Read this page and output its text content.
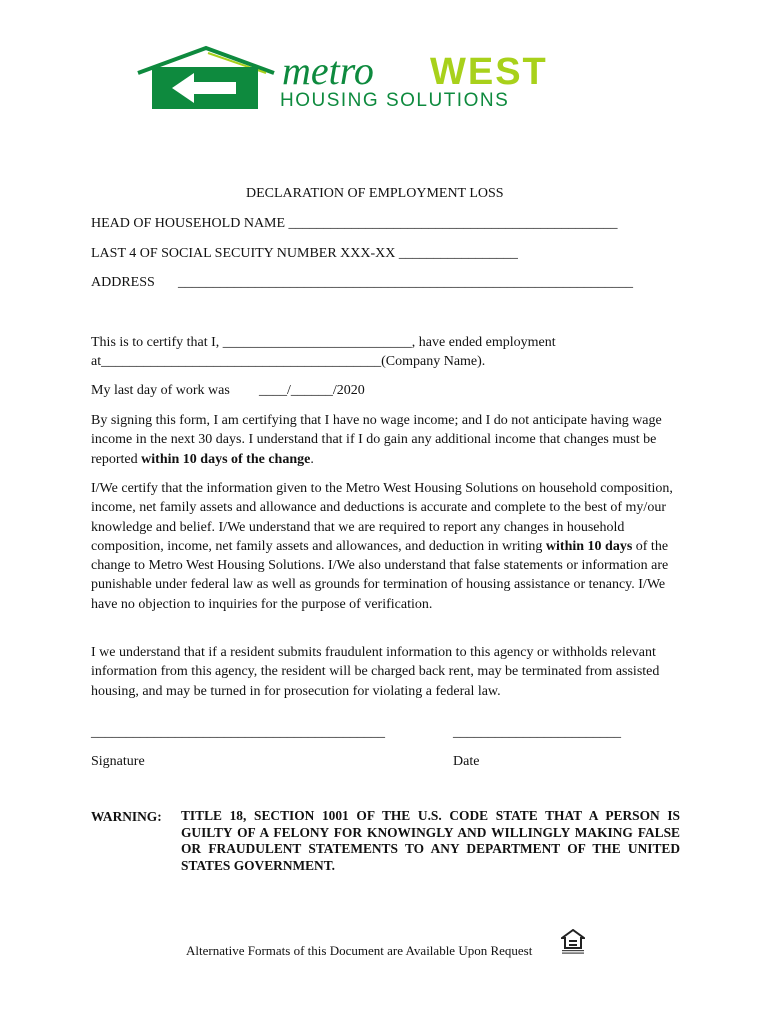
metro WEST
HOUSING SOLUTIONS
DECLARATION OF EMPLOYMENT LOSS
HEAD OF HOUSEHOLD NAME _______________________________________________
LAST 4 OF SOCIAL SECUITY NUMBER XXX-XX _________________
ADDRESS _________________________________________________________________
This is to certify that I, ___________________________, have ended employment
at________________________________________(Company Name).
My last day of work was ____/______/2020
By signing this form, I am certifying that I have no wage income; and I do not anticipate having wage income in the next 30 days. I understand that if I do gain any additional income that changes must be reported within 10 days of the change.
I/We certify that the information given to the Metro West Housing Solutions on household composition, income, net family assets and allowance and deductions is accurate and complete to the best of my/our knowledge and belief. I/We understand that we are required to report any changes in household composition, income, net family assets and allowances, and deduction in writing within 10 days of the change to Metro West Housing Solutions. I/We also understand that false statements or information are punishable under federal law as well as grounds for termination of housing assistance or tenancy. I/We have no objection to inquiries for the purpose of verification.
I we understand that if a resident submits fraudulent information to this agency or withholds relevant information from this agency, the resident will be charged back rent, may be terminated from assisted housing, and may be turned in for prosecution for violating a federal law.
__________________________________________	________________________
Signature	Date
WARNING: TITLE 18, SECTION 1001 OF THE U.S. CODE STATE THAT A PERSON IS GUILTY OF A FELONY FOR KNOWINGLY AND WILLINGLY MAKING FALSE OR FRAUDULENT STATEMENTS TO ANY DEPARTMENT OF THE UNITED STATES GOVERNMENT.
Alternative Formats of this Document are Available Upon Request
